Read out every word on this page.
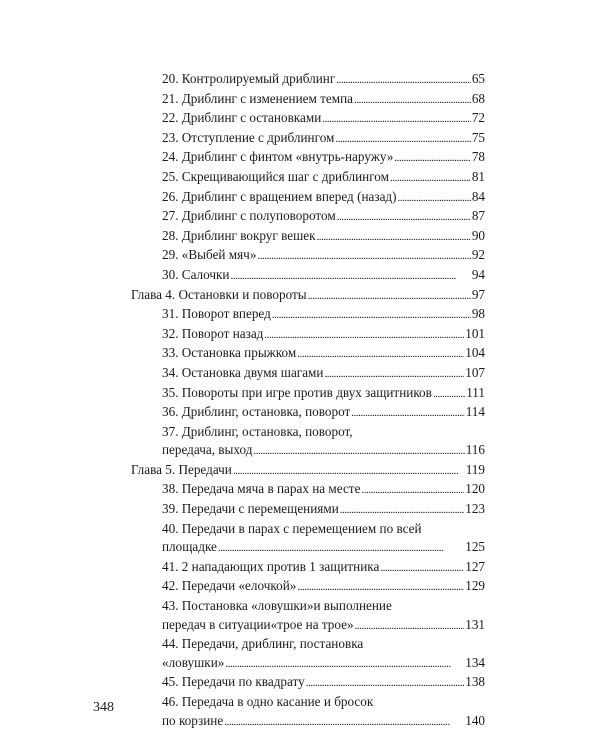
20. Контролируемый дриблинг . . .	65
21. Дриблинг с изменением темпа . . .	68
22. Дриблинг с остановками . . .	72
23. Отступление с дриблингом . . .	75
24. Дриблинг с финтом «внутрь-наружу» . . .	78
25. Скрещивающийся шаг с дриблингом . . .	81
26. Дриблинг с вращением вперед (назад) . . .	84
27. Дриблинг с полуповоротом . . .	87
28. Дриблинг вокруг вешек . . .	90
29. «Выбей мяч» . . .	92
30. Салочки . . .	94
Глава 4. Остановки и повороты . . .	97
31. Поворот вперед . . .	98
32. Поворот назад . . .	101
33. Остановка прыжком . . .	104
34. Остановка двумя шагами . . .	107
35. Повороты при игре против двух защитников . . .	111
36. Дриблинг, остановка, поворот . . .	114
37. Дриблинг, остановка, поворот,
передача, выход . . .	116
Глава 5. Передачи . . .	119
38. Передача мяча в парах на месте . . .	120
39. Передачи с перемещениями . . .	123
40. Передачи в парах с перемещением по всей
площадке . . .	125
41. 2 нападающих против 1 защитника . . .	127
42. Передачи «елочкой» . . .	129
43. Постановка «ловушки»и выполнение
передач в ситуации«трое на трое» . . .	131
44. Передачи, дриблинг, постановка
«ловушки» . . .	134
45. Передачи по квадрату . . .	138
46. Передача в одно касание и бросок
по корзине . . .	140
348
